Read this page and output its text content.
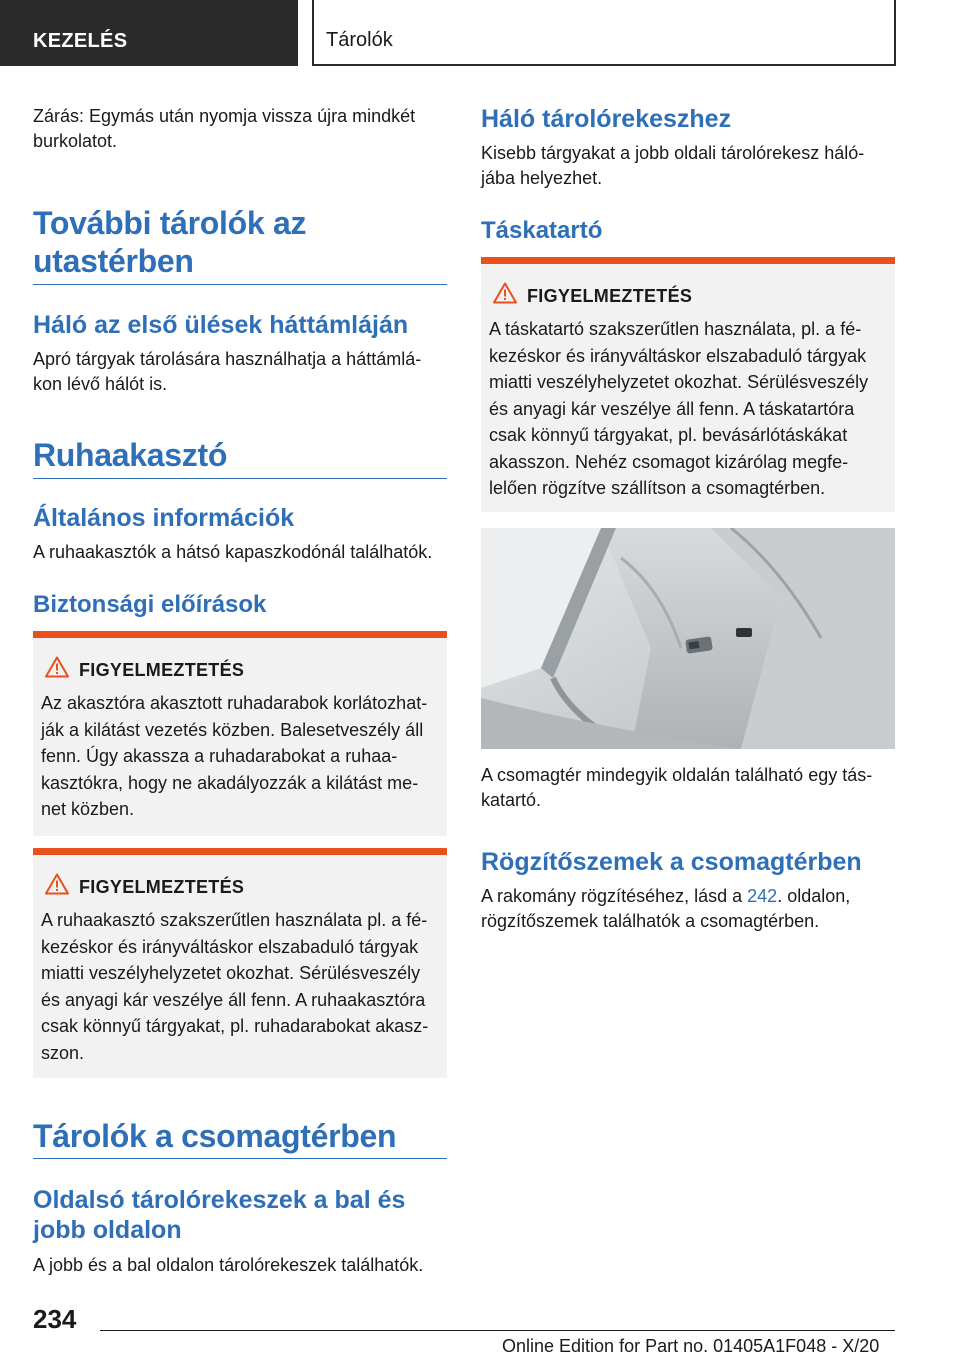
KEZELÉS	Tárolók

Zárás: Egymás után nyomja vissza újra mindkét
burkolatot.

További tárolók az
utastérben
Háló az első ülések háttámláján

Apró tárgyak tárolására használhatja a háttámlá-
kon lévő hálót is.

Ruhaakasztó
Általános információk

A ruhaakasztók a hátsó kapaszkodónál találhatók.

Biztonsági előírások
FIGYELMEZTETÉS
Az akasztóra akasztott ruhadarabok korlátozhat-
ják a kilátást vezetés közben. Balesetveszély áll
fenn. Úgy akassza a ruhadarabokat a ruhaa-
kasztókra, hogy ne akadályozzák a kilátást me-
net közben.
FIGYELMEZTETÉS
A ruhaakasztó szakszerűtlen használata pl. a fé-
kezéskor és irányváltáskor elszabaduló tárgyak
miatti veszélyhelyzetet okozhat. Sérülésveszély
és anyagi kár veszélye áll fenn. A ruhaakasztóra
csak könnyű tárgyakat, pl. ruhadarabokat akasz-
szon.
Tárolók a csomagtérben
Oldalsó tárolórekeszek a bal és
jobb oldalon

A jobb és a bal oldalon tárolórekeszek találhatók.

Háló tárolórekeszhez

Kisebb tárgyakat a jobb oldali tárolórekesz háló-
jába helyezhet.

Táskatartó
FIGYELMEZTETÉS
A táskatartó szakszerűtlen használata, pl. a fé-
kezéskor és irányváltáskor elszabaduló tárgyak
miatti veszélyhelyzetet okozhat. Sérülésveszély
és anyagi kár veszélye áll fenn. A táskatartóra
csak könnyű tárgyakat, pl. bevásárlótáskákat
akasszon. Nehéz csomagot kizárólag megfe-
lelően rögzítve szállítson a csomagtérben.

A csomagtér mindegyik oldalán található egy tás-
katartó.

Rögzítőszemek a csomagtérben

A rakomány rögzítéséhez, lásd a 242. oldalon,
rögzítőszemek találhatók a csomagtérben.

234
Online Edition for Part no. 01405A1F048 - X/20
